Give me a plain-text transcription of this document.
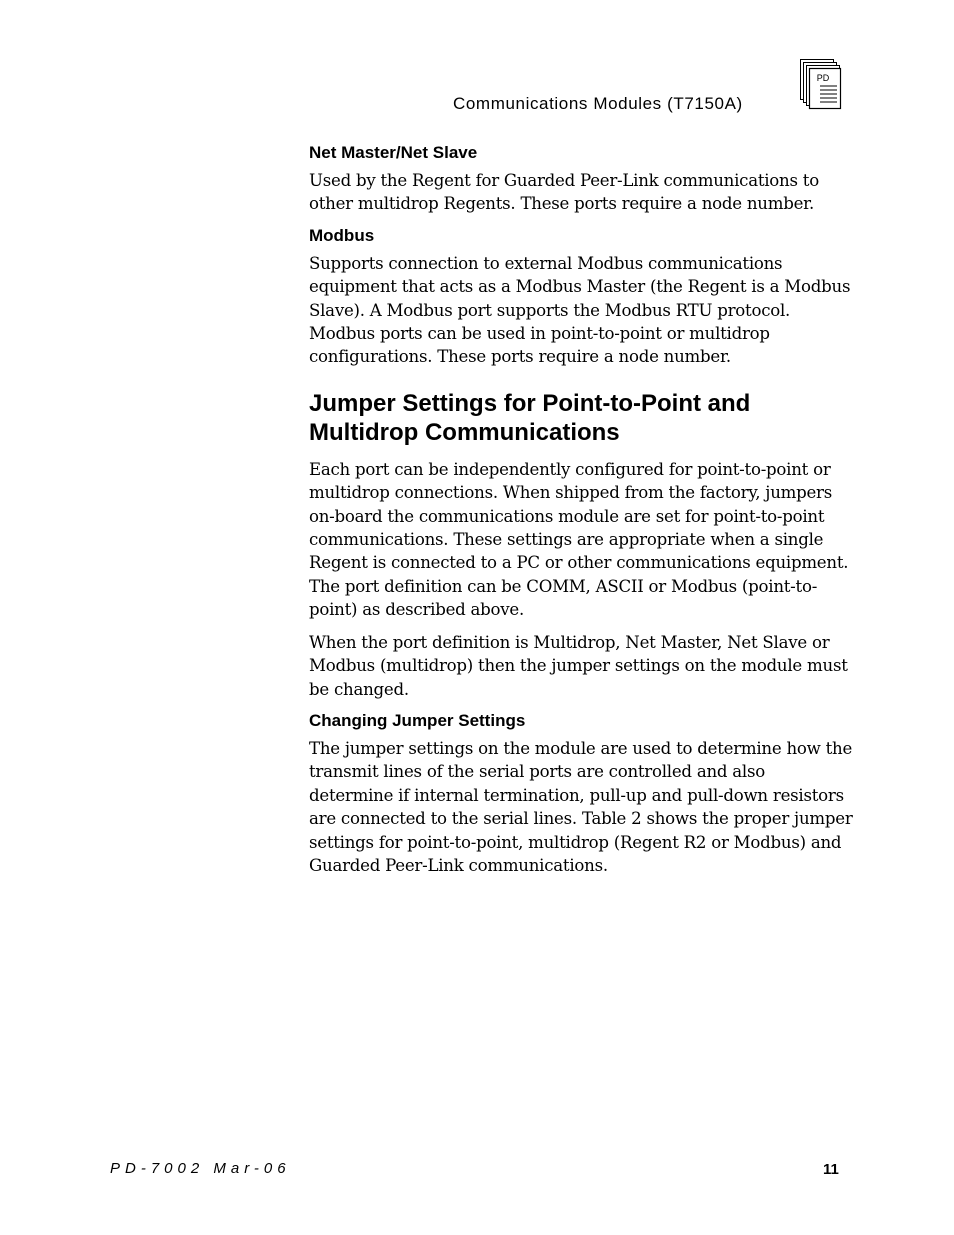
Communications Modules (T7150A)
PD
Net Master/Net Slave

Used by the Regent for Guarded Peer-Link communications to other multidrop Regents. These ports require a node number.

Modbus

Supports connection to external Modbus communications equipment that acts as a Modbus Master (the Regent is a Modbus Slave). A Modbus port supports the Modbus RTU protocol. Modbus ports can be used in point-to-point or multidrop configurations. These ports require a node number.

Jumper Settings for Point-to-Point and Multidrop Communications

Each port can be independently configured for point-to-point or multidrop connections. When shipped from the factory, jumpers on-board the communications module are set for point-to-point communications. These settings are appropriate when a single Regent is connected to a PC or other communications equipment. The port definition can be COMM, ASCII or Modbus (point-to-point) as described above.

When the port definition is Multidrop, Net Master, Net Slave or Modbus (multidrop) then the jumper settings on the module must be changed.

Changing Jumper Settings

The jumper settings on the module are used to determine how the transmit lines of the serial ports are controlled and also determine if internal termination, pull-up and pull-down resistors are connected to the serial lines. Table 2 shows the proper jumper settings for point-to-point, multidrop (Regent R2 or Modbus) and Guarded Peer-Link communications.

PD-7002 Mar-06	11
